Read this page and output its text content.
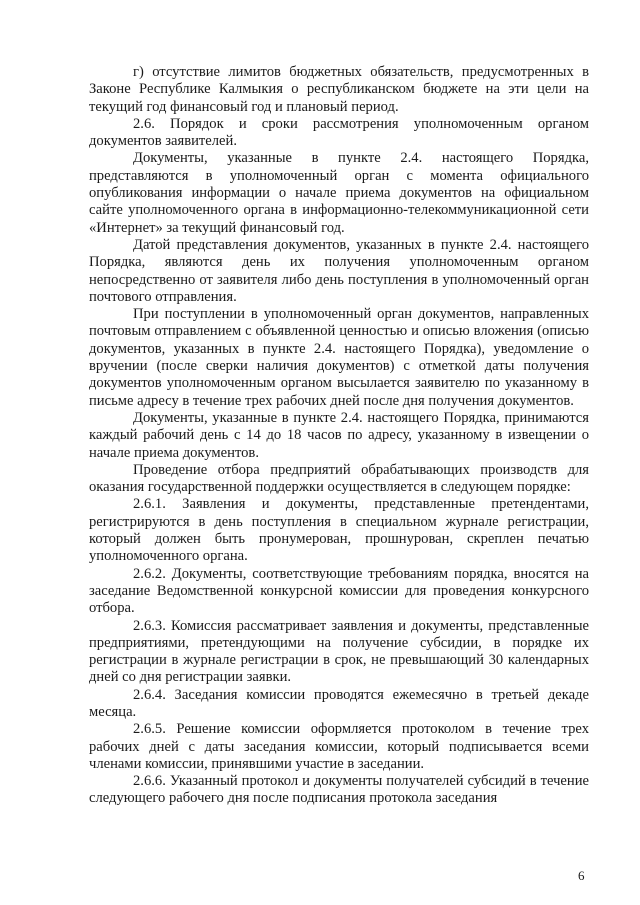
г) отсутствие лимитов бюджетных обязательств, предусмотренных в Законе Республике Калмыкия о республиканском бюджете на эти цели на текущий год финансовый год и плановый период.

2.6. Порядок и сроки рассмотрения уполномоченным органом документов заявителей.

Документы, указанные в пункте 2.4. настоящего Порядка, представляются в уполномоченный орган с момента официального опубликования информации о начале приема документов на официальном сайте уполномоченного органа в информационно-телекоммуникационной сети «Интернет» за текущий финансовый год.

Датой представления документов, указанных в пункте 2.4. настоящего Порядка, являются день их получения уполномоченным органом непосредственно от заявителя либо день поступления в уполномоченный орган почтового отправления.

При поступлении в уполномоченный орган документов, направленных почтовым отправлением с объявленной ценностью и описью вложения (описью документов, указанных в пункте 2.4. настоящего Порядка), уведомление о вручении (после сверки наличия документов) с отметкой даты получения документов уполномоченным органом высылается заявителю по указанному в письме адресу в течение трех рабочих дней после дня получения документов.

Документы, указанные в пункте 2.4. настоящего Порядка, принимаются каждый рабочий день с 14 до 18 часов по адресу, указанному в извещении о начале приема документов.

Проведение отбора предприятий обрабатывающих производств для оказания государственной поддержки осуществляется в следующем порядке:

2.6.1. Заявления и документы, представленные претендентами, регистрируются в день поступления в специальном журнале регистрации, который должен быть пронумерован, прошнурован, скреплен печатью уполномоченного органа.

2.6.2. Документы, соответствующие требованиям порядка, вносятся на заседание Ведомственной конкурсной комиссии для проведения конкурсного отбора.

2.6.3. Комиссия рассматривает заявления и документы, представленные предприятиями, претендующими на получение субсидии, в порядке их регистрации в журнале регистрации в срок, не превышающий 30 календарных дней со дня регистрации заявки.

2.6.4. Заседания комиссии проводятся ежемесячно в третьей декаде месяца.

2.6.5. Решение комиссии оформляется протоколом в течение трех рабочих дней с даты заседания комиссии, который подписывается всеми членами комиссии, принявшими участие в заседании.

2.6.6. Указанный протокол и документы получателей субсидий в течение следующего рабочего дня после подписания протокола заседания

6
